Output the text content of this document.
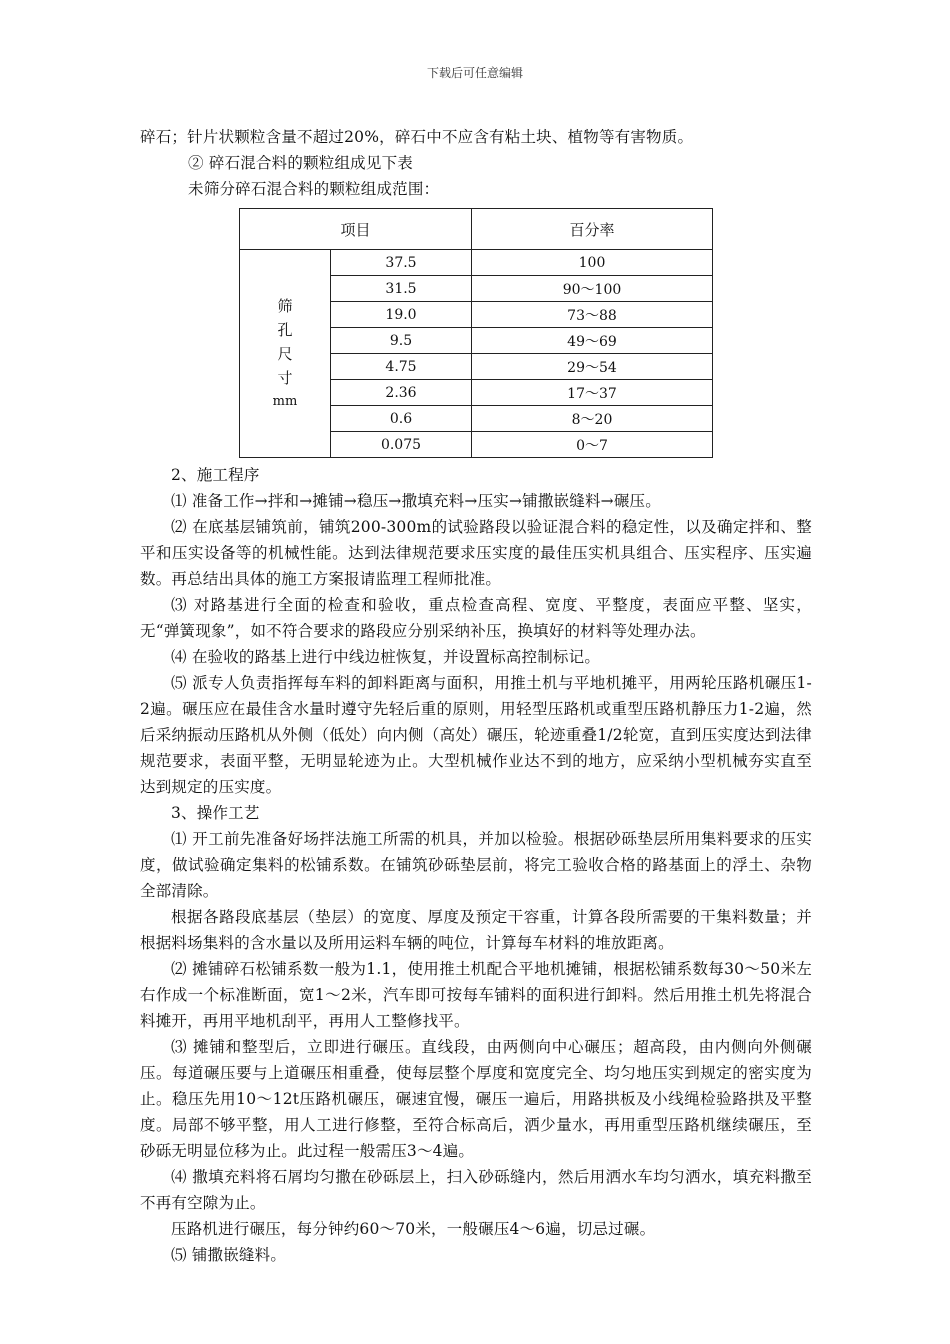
下载后可任意编辑

碎石；针片状颗粒含量不超过20%，碎石中不应含有粘土块、植物等有害物质。

② 碎石混合料的颗粒组成见下表

未筛分碎石混合料的颗粒组成范围：

项目		百分率

筛
孔
尺
寸
mm	37.5	100
	31.5	90～100
	19.0	73～88
	9.5	49～69
	4.75	29～54
	2.36	17～37
	0.6	8～20
	0.075	0～7

2、施工程序

⑴ 准备工作→拌和→摊铺→稳压→撒填充料→压实→铺撒嵌缝料→碾压。

⑵ 在底基层铺筑前，铺筑200-300m的试验路段以验证混合料的稳定性，以及确定拌和、整平和压实设备等的机械性能。达到法律规范要求压实度的最佳压实机具组合、压实程序、压实遍数。再总结出具体的施工方案报请监理工程师批准。

⑶ 对路基进行全面的检查和验收，重点检查高程、宽度、平整度，表面应平整、坚实，无“弹簧现象”，如不符合要求的路段应分别采纳补压，换填好的材料等处理办法。

⑷ 在验收的路基上进行中线边桩恢复，并设置标高控制标记。

⑸ 派专人负责指挥每车料的卸料距离与面积，用推土机与平地机摊平，用两轮压路机碾压1-2遍。碾压应在最佳含水量时遵守先轻后重的原则，用轻型压路机或重型压路机静压力1-2遍，然后采纳振动压路机从外侧（低处）向内侧（高处）碾压，轮迹重叠1/2轮宽，直到压实度达到法律规范要求，表面平整，无明显轮迹为止。大型机械作业达不到的地方，应采纳小型机械夯实直至达到规定的压实度。

3、操作工艺

⑴ 开工前先准备好场拌法施工所需的机具，并加以检验。根据砂砾垫层所用集料要求的压实度，做试验确定集料的松铺系数。在铺筑砂砾垫层前，将完工验收合格的路基面上的浮土、杂物全部清除。

根据各路段底基层（垫层）的宽度、厚度及预定干容重，计算各段所需要的干集料数量；并根据料场集料的含水量以及所用运料车辆的吨位，计算每车材料的堆放距离。

⑵ 摊铺碎石松铺系数一般为1.1，使用推土机配合平地机摊铺，根据松铺系数每30～50米左右作成一个标准断面，宽1～2米，汽车即可按每车铺料的面积进行卸料。然后用推土机先将混合料摊开，再用平地机刮平，再用人工整修找平。

⑶ 摊铺和整型后，立即进行碾压。直线段，由两侧向中心碾压；超高段，由内侧向外侧碾压。每道碾压要与上道碾压相重叠，使每层整个厚度和宽度完全、均匀地压实到规定的密实度为止。稳压先用10～12t压路机碾压，碾速宜慢，碾压一遍后，用路拱板及小线绳检验路拱及平整度。局部不够平整，用人工进行修整，至符合标高后，洒少量水，再用重型压路机继续碾压，至砂砾无明显位移为止。此过程一般需压3～4遍。

⑷ 撒填充料将石屑均匀撒在砂砾层上，扫入砂砾缝内，然后用洒水车均匀洒水，填充料撒至不再有空隙为止。

压路机进行碾压，每分钟约60～70米，一般碾压4～6遍，切忌过碾。

⑸ 铺撒嵌缝料。
